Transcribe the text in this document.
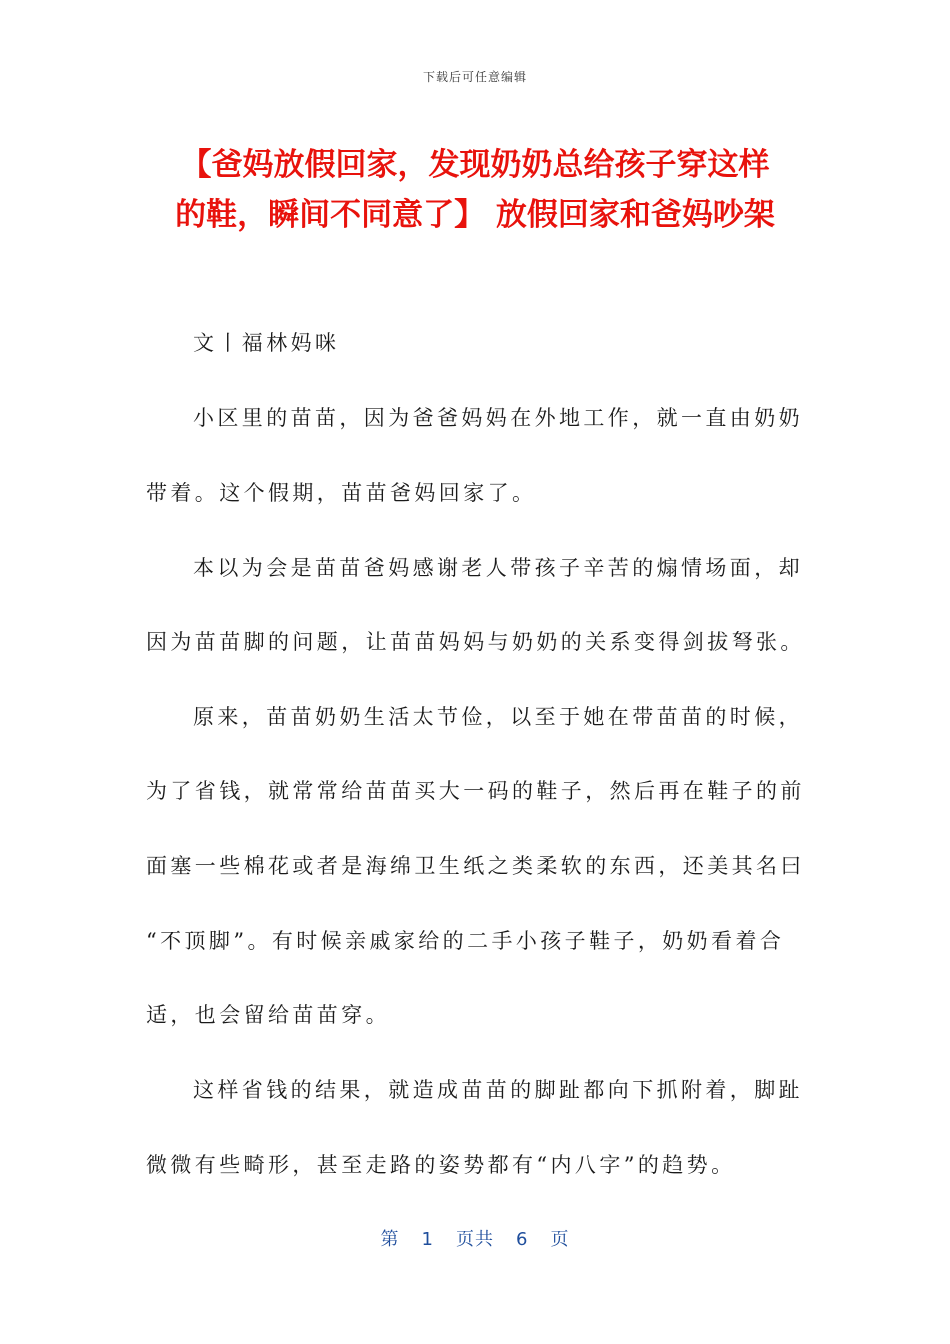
下载后可任意编辑
【爸妈放假回家，发现奶奶总给孩子穿这样
的鞋，瞬间不同意了】 放假回家和爸妈吵架
文丨福林妈咪
小区里的苗苗，因为爸爸妈妈在外地工作，就一直由奶奶
带着。这个假期，苗苗爸妈回家了。
本以为会是苗苗爸妈感谢老人带孩子辛苦的煽情场面，却
因为苗苗脚的问题，让苗苗妈妈与奶奶的关系变得剑拔弩张。
原来，苗苗奶奶生活太节俭，以至于她在带苗苗的时候，
为了省钱，就常常给苗苗买大一码的鞋子，然后再在鞋子的前
面塞一些棉花或者是海绵卫生纸之类柔软的东西，还美其名曰
“不顶脚”。有时候亲戚家给的二手小孩子鞋子，奶奶看着合
适，也会留给苗苗穿。
这样省钱的结果，就造成苗苗的脚趾都向下抓附着，脚趾
微微有些畸形，甚至走路的姿势都有“内八字”的趋势。
第 1 页共 6 页
